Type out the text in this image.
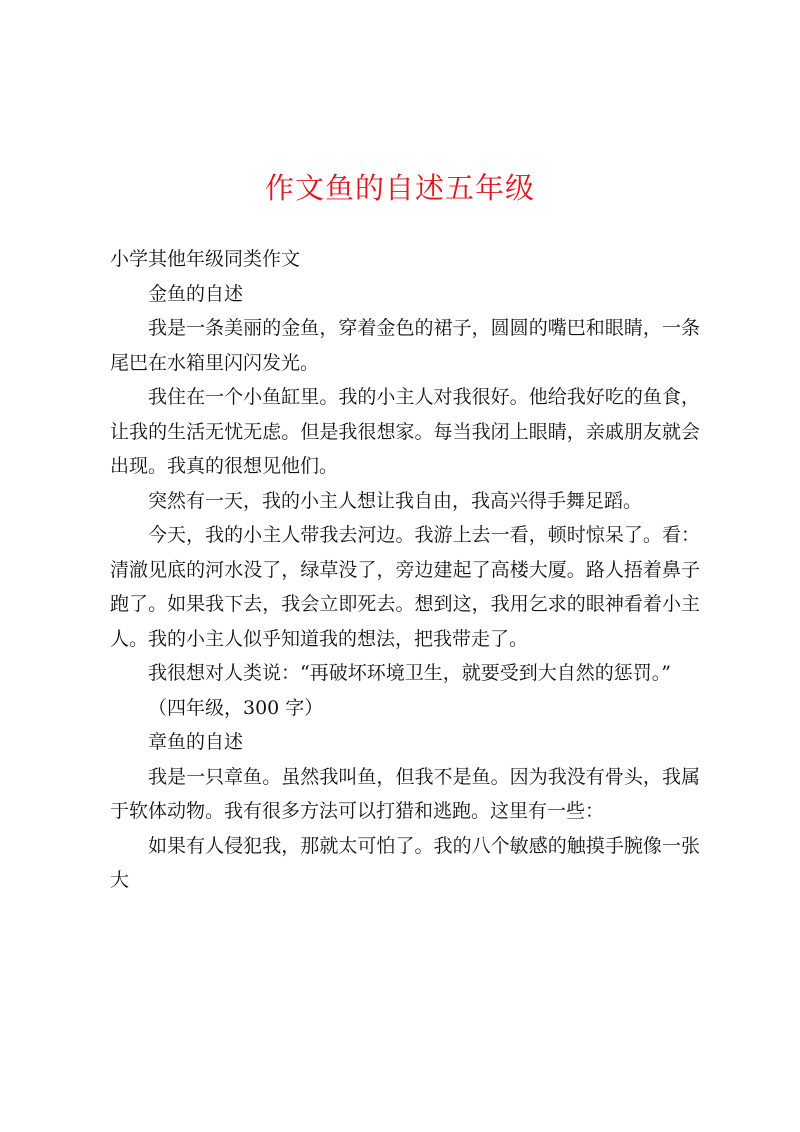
作文鱼的自述五年级

小学其他年级同类作文

金鱼的自述

我是一条美丽的金鱼，穿着金色的裙子，圆圆的嘴巴和眼睛，一条尾巴在水箱里闪闪发光。

我住在一个小鱼缸里。我的小主人对我很好。他给我好吃的鱼食，让我的生活无忧无虑。但是我很想家。每当我闭上眼睛，亲戚朋友就会出现。我真的很想见他们。

突然有一天，我的小主人想让我自由，我高兴得手舞足蹈。

今天，我的小主人带我去河边。我游上去一看，顿时惊呆了。看：清澈见底的河水没了，绿草没了，旁边建起了高楼大厦。路人捂着鼻子跑了。如果我下去，我会立即死去。想到这，我用乞求的眼神看着小主人。我的小主人似乎知道我的想法，把我带走了。

我很想对人类说：“再破坏环境卫生，就要受到大自然的惩罚。”

（四年级，300 字）

章鱼的自述

我是一只章鱼。虽然我叫鱼，但我不是鱼。因为我没有骨头，我属于软体动物。我有很多方法可以打猎和逃跑。这里有一些：

如果有人侵犯我，那就太可怕了。我的八个敏感的触摸手腕像一张大
